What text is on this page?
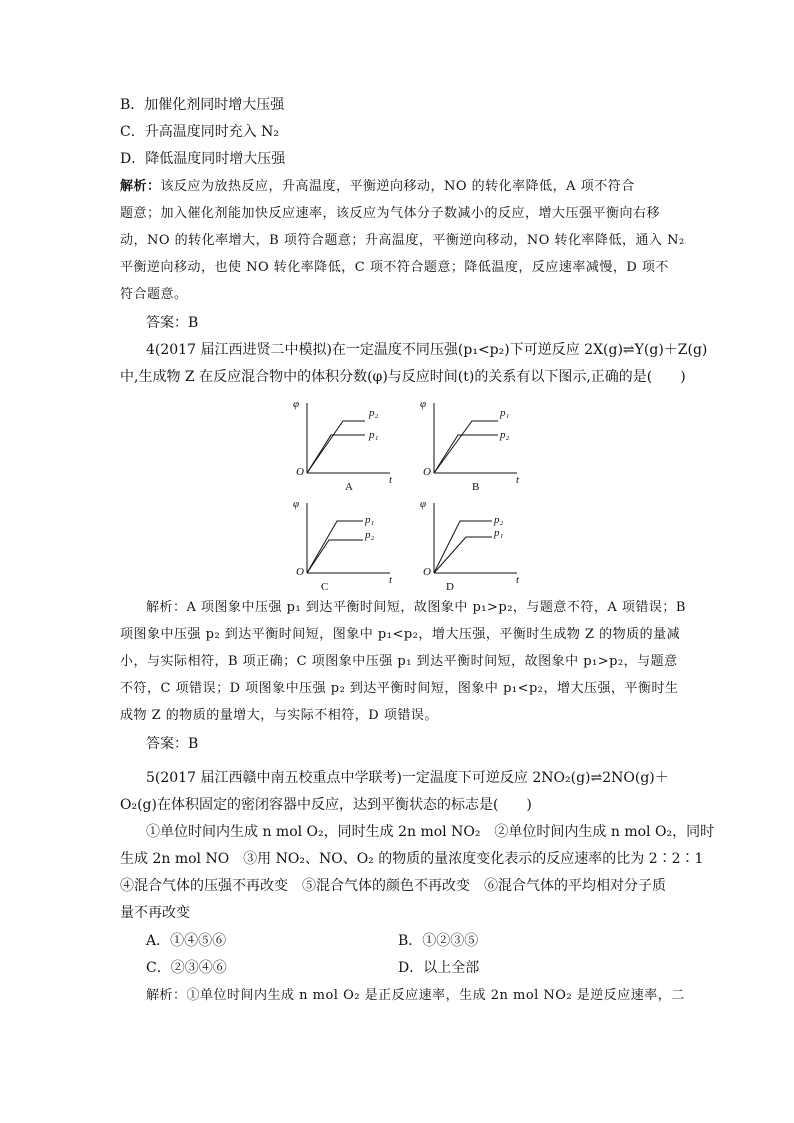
B．加催化剂同时增大压强
C．升高温度同时充入 N₂
D．降低温度同时增大压强
解析：该反应为放热反应，升高温度，平衡逆向移动，NO 的转化率降低，A 项不符合
题意；加入催化剂能加快反应速率，该反应为气体分子数减小的反应，增大压强平衡向右移
动，NO 的转化率增大，B 项符合题意；升高温度，平衡逆向移动，NO 转化率降低，通入 N₂
平衡逆向移动，也使 NO 转化率降低，C 项不符合题意；降低温度，反应速率减慢，D 项不
符合题意。
答案：B
4(2017 届江西进贤二中模拟)在一定温度不同压强(p₁<p₂)下可逆反应 2X(g)⇌Y(g)＋Z(g)
中,生成物 Z 在反应混合物中的体积分数(φ)与反应时间(t)的关系有以下图示,正确的是(　　)
φ
t
O
p₂
p₁
A
φ
t
O
p₁
p₂
B
φ
t
O
p₁
p₂
C
φ
t
O
p₂
p₁
D
解析：A 项图象中压强 p₁ 到达平衡时间短，故图象中 p₁>p₂，与题意不符，A 项错误；B
项图象中压强 p₂ 到达平衡时间短，图象中 p₁<p₂，增大压强，平衡时生成物 Z 的物质的量减
小，与实际相符，B 项正确；C 项图象中压强 p₁ 到达平衡时间短，故图象中 p₁>p₂，与题意
不符，C 项错误；D 项图象中压强 p₂ 到达平衡时间短，图象中 p₁<p₂，增大压强，平衡时生
成物 Z 的物质的量增大，与实际不相符，D 项错误。
答案：B
5(2017 届江西赣中南五校重点中学联考)一定温度下可逆反应 2NO₂(g)⇌2NO(g)＋
O₂(g)在体积固定的密闭容器中反应，达到平衡状态的标志是(　　)
①单位时间内生成 n mol O₂，同时生成 2n mol NO₂　②单位时间内生成 n mol O₂，同时
生成 2n mol NO　③用 NO₂、NO、O₂ 的物质的量浓度变化表示的反应速率的比为 2∶2∶1
④混合气体的压强不再改变　⑤混合气体的颜色不再改变　⑥混合气体的平均相对分子质
量不再改变
A．①④⑤⑥	B．①②③⑤
C．②③④⑥	D．以上全部
解析：①单位时间内生成 n mol O₂ 是正反应速率，生成 2n mol NO₂ 是逆反应速率，二
